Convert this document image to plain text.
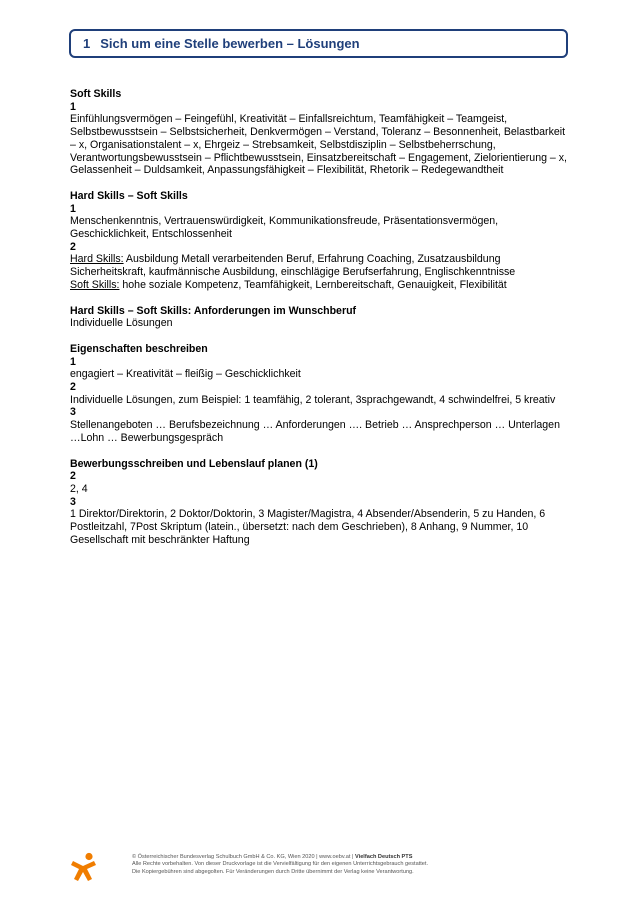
1 Sich um eine Stelle bewerben – Lösungen
Soft Skills
1
Einfühlungsvermögen – Feingefühl, Kreativität – Einfallsreichtum, Teamfähigkeit – Teamgeist, Selbstbewusstsein – Selbstsicherheit, Denkvermögen – Verstand, Toleranz – Besonnenheit, Belastbarkeit – x, Organisationstalent – x, Ehrgeiz – Strebsamkeit, Selbstdisziplin – Selbstbeherrschung, Verantwortungsbewusstsein – Pflichtbewusstsein, Einsatzbereitschaft – Engagement, Zielorientierung – x, Gelassenheit – Duldsamkeit, Anpassungsfähigkeit – Flexibilität, Rhetorik – Redegewandtheit
Hard Skills – Soft Skills
1
Menschenkenntnis, Vertrauenswürdigkeit, Kommunikationsfreude, Präsentationsvermögen, Geschicklichkeit, Entschlossenheit
2
Hard Skills: Ausbildung Metall verarbeitenden Beruf, Erfahrung Coaching, Zusatzausbildung Sicherheitskraft, kaufmännische Ausbildung, einschlägige Berufserfahrung, Englischkenntnisse
Soft Skills: hohe soziale Kompetenz, Teamfähigkeit, Lernbereitschaft, Genauigkeit, Flexibilität
Hard Skills – Soft Skills: Anforderungen im Wunschberuf
Individuelle Lösungen
Eigenschaften beschreiben
1
engagiert – Kreativität – fleißig – Geschicklichkeit
2
Individuelle Lösungen, zum Beispiel: 1 teamfähig, 2 tolerant, 3sprachgewandt, 4 schwindelfrei, 5 kreativ
3
Stellenangeboten … Berufsbezeichnung … Anforderungen …. Betrieb … Ansprechperson … Unterlagen …Lohn … Bewerbungsgespräch
Bewerbungsschreiben und Lebenslauf planen (1)
2
2, 4
3
1 Direktor/Direktorin, 2 Doktor/Doktorin, 3 Magister/Magistra, 4 Absender/Absenderin, 5 zu Handen, 6 Postleitzahl, 7Post Skriptum (latein., übersetzt: nach dem Geschrieben), 8 Anhang, 9 Nummer, 10 Gesellschaft mit beschränkter Haftung
© Österreichischer Bundesverlag Schulbuch GmbH & Co. KG, Wien 2020 | www.oebv.at | Vielfach Deutsch PTS
Alle Rechte vorbehalten. Von dieser Druckvorlage ist die Vervielfältigung für den eigenen Unterrichtsgebrauch gestattet.
Die Kopiergebühren sind abgegolten. Für Veränderungen durch Dritte übernimmt der Verlag keine Verantwortung.
